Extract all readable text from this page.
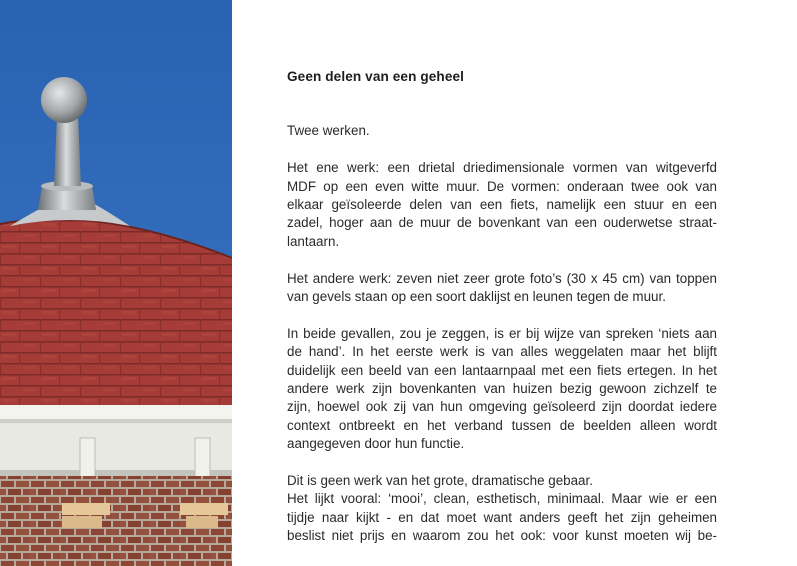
Geen delen van een geheel
Twee werken.
Het ene werk: een drietal driedimensionale vormen van witgeverfd
MDF op een even witte muur. De vormen: onderaan twee ook van
elkaar geïsoleerde delen van een fiets, namelijk een stuur en een
zadel, hoger aan de muur de bovenkant van een ouderwetse straat-
lantaarn.
Het andere werk: zeven niet zeer grote foto’s (30 x 45 cm) van toppen
van gevels staan op een soort daklijst en leunen tegen de muur.
In beide gevallen, zou je zeggen, is er bij wijze van spreken ‘niets aan
de hand’. In het eerste werk is van alles weggelaten maar het blijft
duidelijk een beeld van een lantaarnpaal met een fiets ertegen. In het
andere werk zijn bovenkanten van huizen bezig gewoon zichzelf te
zijn, hoewel ook zij van hun omgeving geïsoleerd zijn doordat iedere
context ontbreekt en het verband tussen de beelden alleen wordt
aangegeven door hun functie.
Dit is geen werk van het grote, dramatische gebaar.
Het lijkt vooral: ‘mooi’, clean, esthetisch, minimaal. Maar wie er een
tijdje naar kijkt - en dat moet want anders geeft het zijn geheimen
beslist niet prijs en waarom zou het ook: voor kunst moeten wij be-
